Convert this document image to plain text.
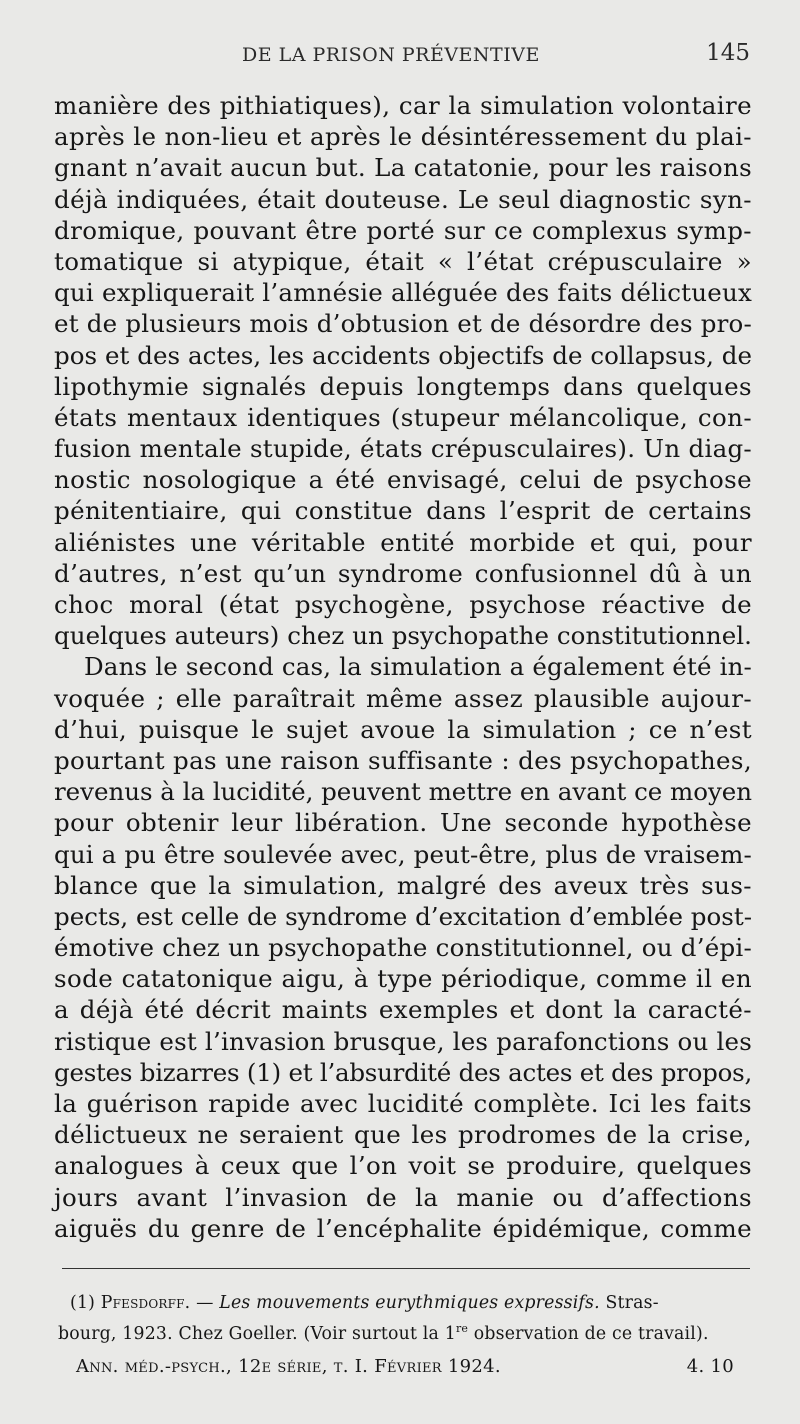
DE LA PRISON PRÉVENTIVE	145
manière des pithiatiques), car la simulation volontaire
après le non-lieu et après le désintéressement du plai-
gnant n’avait aucun but. La catatonie, pour les raisons
déjà indiquées, était douteuse. Le seul diagnostic syn-
dromique, pouvant être porté sur ce complexus symp-
tomatique si atypique, était « l’état crépusculaire »
qui expliquerait l’amnésie alléguée des faits délictueux
et de plusieurs mois d’obtusion et de désordre des pro-
pos et des actes, les accidents objectifs de collapsus, de
lipothymie signalés depuis longtemps dans quelques
états mentaux identiques (stupeur mélancolique, con-
fusion mentale stupide, états crépusculaires). Un diag-
nostic nosologique a été envisagé, celui de psychose
pénitentiaire, qui constitue dans l’esprit de certains
aliénistes une véritable entité morbide et qui, pour
d’autres, n’est qu’un syndrome confusionnel dû à un
choc moral (état psychogène, psychose réactive de
quelques auteurs) chez un psychopathe constitutionnel.
Dans le second cas, la simulation a également été in-
voquée ; elle paraîtrait même assez plausible aujour-
d’hui, puisque le sujet avoue la simulation ; ce n’est
pourtant pas une raison suffisante : des psychopathes,
revenus à la lucidité, peuvent mettre en avant ce moyen
pour obtenir leur libération. Une seconde hypothèse
qui a pu être soulevée avec, peut-être, plus de vraisem-
blance que la simulation, malgré des aveux très sus-
pects, est celle de syndrome d’excitation d’emblée post-
émotive chez un psychopathe constitutionnel, ou d’épi-
sode catatonique aigu, à type périodique, comme il en
a déjà été décrit maints exemples et dont la caracté-
ristique est l’invasion brusque, les parafonctions ou les
gestes bizarres (1) et l’absurdité des actes et des propos,
la guérison rapide avec lucidité complète. Ici les faits
délictueux ne seraient que les prodromes de la crise,
analogues à ceux que l’on voit se produire, quelques
jours avant l’invasion de la manie ou d’affections
aiguës du genre de l’encéphalite épidémique, comme
(1) Pfesdorff. — Les mouvements eurythmiques expressifs. Stras-
bourg, 1923. Chez Goeller. (Voir surtout la 1re observation de ce travail).
Ann. méd.-psych., 12e série, t. I. Février 1924.	4. 10
